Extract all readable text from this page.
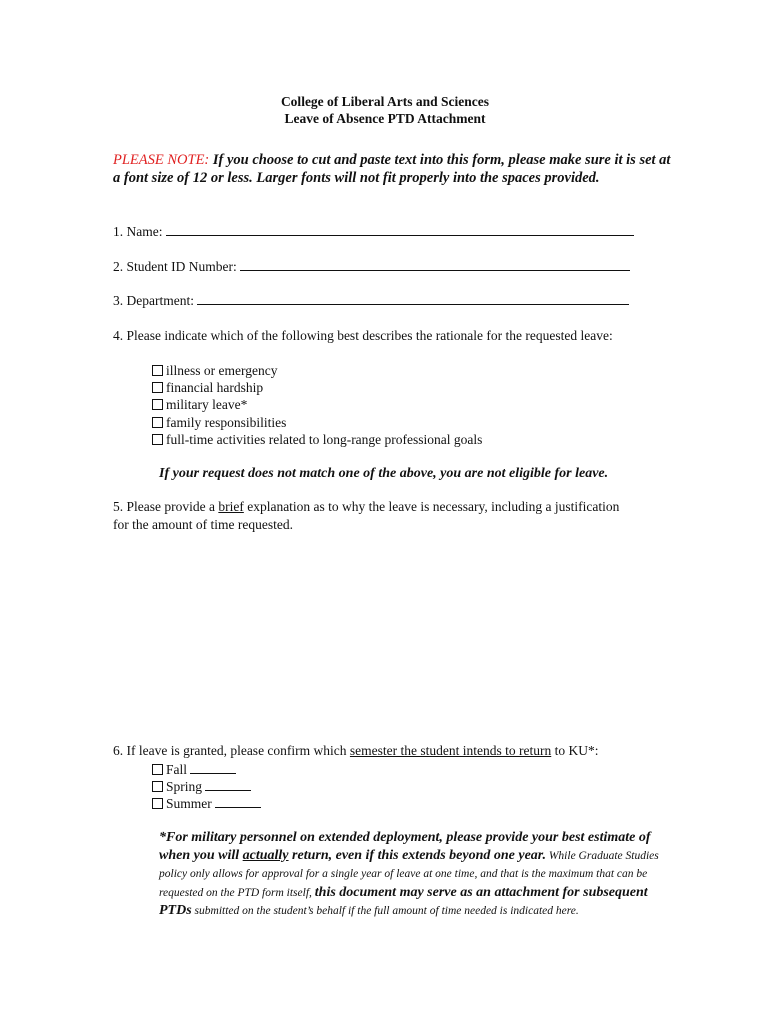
College of Liberal Arts and Sciences
Leave of Absence PTD Attachment
PLEASE NOTE: If you choose to cut and paste text into this form, please make sure it is set at a font size of 12 or less. Larger fonts will not fit properly into the spaces provided.
1. Name:
2. Student ID Number:
3. Department:
4. Please indicate which of the following best describes the rationale for the requested leave:
illness or emergency
financial hardship
military leave*
family responsibilities
full-time activities related to long-range professional goals
If your request does not match one of the above, you are not eligible for leave.
5. Please provide a brief explanation as to why the leave is necessary, including a justification for the amount of time requested.
6. If leave is granted, please confirm which semester the student intends to return to KU*:
Fall
Spring
Summer
*For military personnel on extended deployment, please provide your best estimate of when you will actually return, even if this extends beyond one year. While Graduate Studies policy only allows for approval for a single year of leave at one time, and that is the maximum that can be requested on the PTD form itself, this document may serve as an attachment for subsequent PTDs submitted on the student’s behalf if the full amount of time needed is indicated here.
